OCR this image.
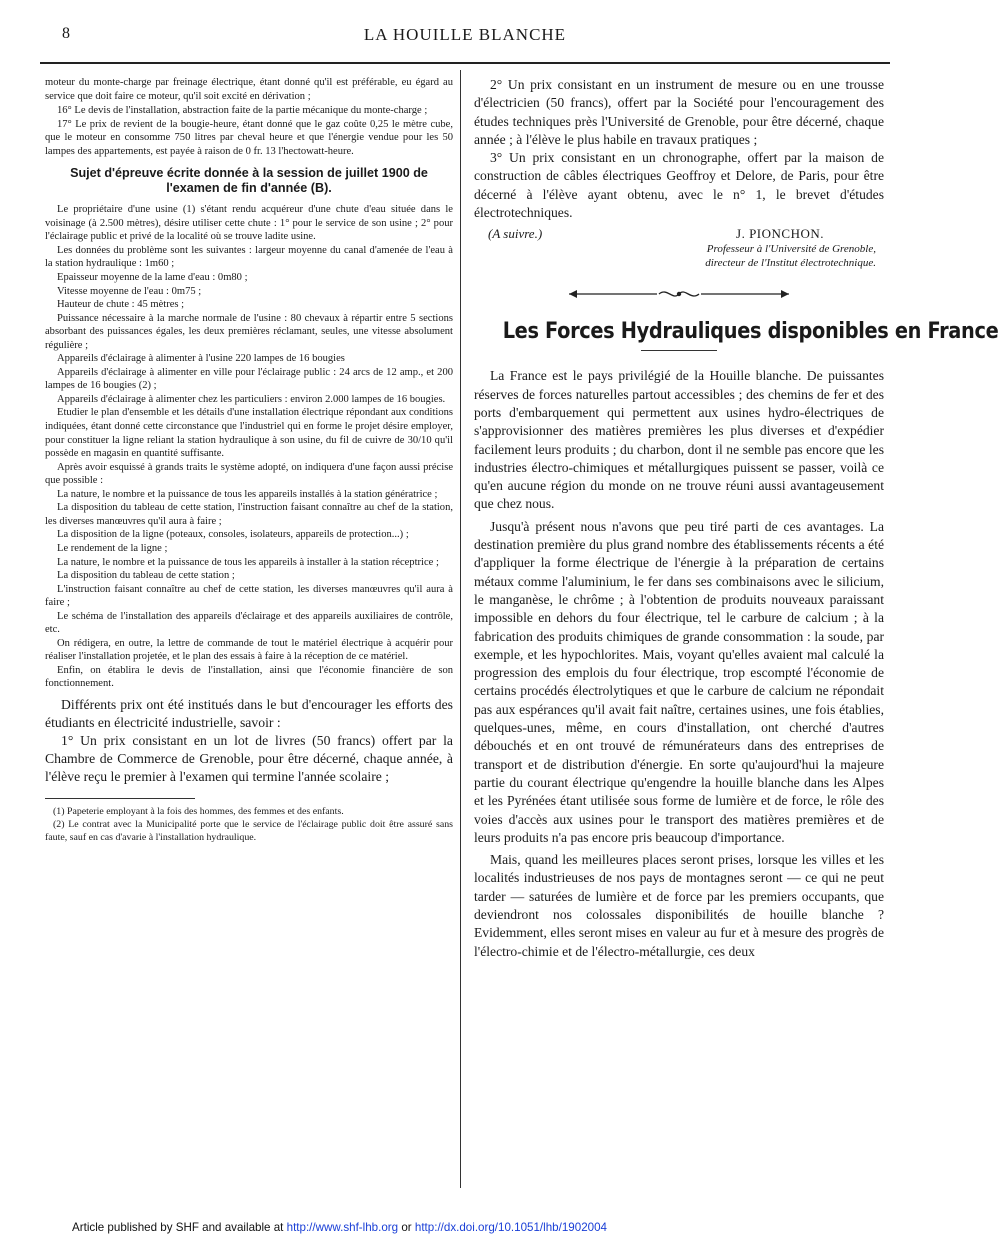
8	LA HOUILLE BLANCHE

moteur du monte-charge par freinage électrique, étant donné qu'il est préférable, eu égard au service que doit faire ce moteur, qu'il soit excité en dérivation ;

16° Le devis de l'installation, abstraction faite de la partie mécanique du monte-charge ;

17° Le prix de revient de la bougie-heure, étant donné que le gaz coûte 0,25 le mètre cube, que le moteur en consomme 750 litres par cheval heure et que l'énergie vendue pour les 50 lampes des appartements, est payée à raison de 0 fr. 13 l'hectowatt-heure.

Sujet d'épreuve écrite donnée à la session de juillet 1900 de l'examen de fin d'année (B).

Le propriétaire d'une usine (1) s'étant rendu acquéreur d'une chute d'eau située dans le voisinage (à 2.500 mètres), désire utiliser cette chute : 1° pour le service de son usine ; 2° pour l'éclairage public et privé de la localité où se trouve ladite usine.

Les données du problème sont les suivantes : largeur moyenne du canal d'amenée de l'eau à la station hydraulique : 1m60 ;

Epaisseur moyenne de la lame d'eau : 0m80 ;

Vitesse moyenne de l'eau : 0m75 ;

Hauteur de chute : 45 mètres ;

Puissance nécessaire à la marche normale de l'usine : 80 chevaux à répartir entre 5 sections absorbant des puissances égales, les deux premières réclamant, seules, une vitesse absolument régulière ;

Appareils d'éclairage à alimenter à l'usine 220 lampes de 16 bougies

Appareils d'éclairage à alimenter en ville pour l'éclairage public : 24 arcs de 12 amp., et 200 lampes de 16 bougies (2) ;

Appareils d'éclairage à alimenter chez les particuliers : environ 2.000 lampes de 16 bougies.

Etudier le plan d'ensemble et les détails d'une installation électrique répondant aux conditions indiquées, étant donné cette circonstance que l'industriel qui en forme le projet désire employer, pour constituer la ligne reliant la station hydraulique à son usine, du fil de cuivre de 30/10 qu'il possède en magasin en quantité suffisante.

Après avoir esquissé à grands traits le système adopté, on indiquera d'une façon aussi précise que possible :

La nature, le nombre et la puissance de tous les appareils installés à la station génératrice ;

La disposition du tableau de cette station, l'instruction faisant connaître au chef de la station, les diverses manœuvres qu'il aura à faire ;

La disposition de la ligne (poteaux, consoles, isolateurs, appareils de protection...) ;

Le rendement de la ligne ;

La nature, le nombre et la puissance de tous les appareils à installer à la station réceptrice ;

La disposition du tableau de cette station ;

L'instruction faisant connaître au chef de cette station, les diverses manœuvres qu'il aura à faire ;

Le schéma de l'installation des appareils d'éclairage et des appareils auxiliaires de contrôle, etc.

On rédigera, en outre, la lettre de commande de tout le matériel électrique à acquérir pour réaliser l'installation projetée, et le plan des essais à faire à la réception de ce matériel.

Enfin, on établira le devis de l'installation, ainsi que l'économie financière de son fonctionnement.

Différents prix ont été institués dans le but d'encourager les efforts des étudiants en électricité industrielle, savoir :

1° Un prix consistant en un lot de livres (50 francs) offert par la Chambre de Commerce de Grenoble, pour être décerné, chaque année, à l'élève reçu le premier à l'examen qui termine l'année scolaire ;

(1) Papeterie employant à la fois des hommes, des femmes et des enfants.

(2) Le contrat avec la Municipalité porte que le service de l'éclairage public doit être assuré sans faute, sauf en cas d'avarie à l'installation hydraulique.

2° Un prix consistant en un instrument de mesure ou en une trousse d'électricien (50 francs), offert par la Société pour l'encouragement des études techniques près l'Université de Grenoble, pour être décerné, chaque année ; à l'élève le plus habile en travaux pratiques ;

3° Un prix consistant en un chronographe, offert par la maison de construction de câbles électriques Geoffroy et Delore, de Paris, pour être décerné à l'élève ayant obtenu, avec le n° 1, le brevet d'études électrotechniques.

(A suivre.)	J. PIONCHON.

Professeur à l'Université de Grenoble,

directeur de l'Institut électrotechnique.

Les Forces Hydrauliques disponibles en France

La France est le pays privilégié de la Houille blanche. De puissantes réserves de forces naturelles partout accessibles ; des chemins de fer et des ports d'embarquement qui permettent aux usines hydro-électriques de s'approvisionner des matières premières les plus diverses et d'expédier facilement leurs produits ; du charbon, dont il ne semble pas encore que les industries électro-chimiques et métallurgiques puissent se passer, voilà ce qu'en aucune région du monde on ne trouve réuni aussi avantageusement que chez nous.

Jusqu'à présent nous n'avons que peu tiré parti de ces avantages. La destination première du plus grand nombre des établissements récents a été d'appliquer la forme électrique de l'énergie à la préparation de certains métaux comme l'aluminium, le fer dans ses combinaisons avec le silicium, le manganèse, le chrôme ; à l'obtention de produits nouveaux paraissant impossible en dehors du four électrique, tel le carbure de calcium ; à la fabrication des produits chimiques de grande consommation : la soude, par exemple, et les hypochlorites. Mais, voyant qu'elles avaient mal calculé la progression des emplois du four électrique, trop escompté l'économie de certains procédés électrolytiques et que le carbure de calcium ne répondait pas aux espérances qu'il avait fait naître, certaines usines, une fois établies, quelques-unes, même, en cours d'installation, ont cherché d'autres débouchés et en ont trouvé de rémunérateurs dans des entreprises de transport et de distribution d'énergie. En sorte qu'aujourd'hui la majeure partie du courant électrique qu'engendre la houille blanche dans les Alpes et les Pyrénées étant utilisée sous forme de lumière et de force, le rôle des voies d'accès aux usines pour le transport des matières premières et de leurs produits n'a pas encore pris beaucoup d'importance.

Mais, quand les meilleures places seront prises, lorsque les villes et les localités industrieuses de nos pays de montagnes seront — ce qui ne peut tarder — saturées de lumière et de force par les premiers occupants, que deviendront nos colossales disponibilités de houille blanche ? Evidemment, elles seront mises en valeur au fur et à mesure des progrès de l'électro-chimie et de l'électro-métallurgie, ces deux

Article published by SHF and available at http://www.shf-lhb.org or http://dx.doi.org/10.1051/lhb/1902004
